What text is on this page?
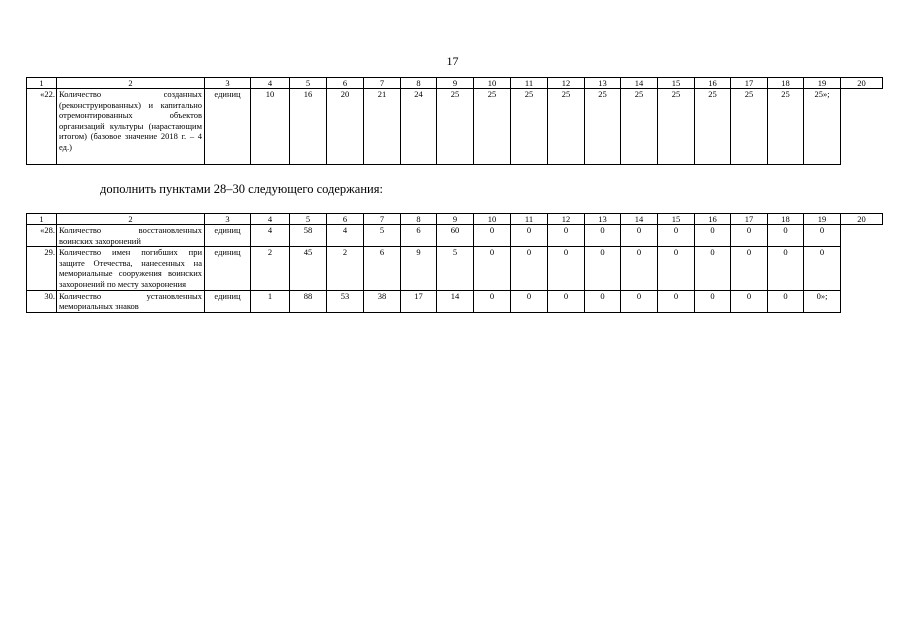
17
1	2	3	4	5	6	7	8	9	10	11	12	13	14	15	16	17	18	19	20
«22.	Количество созданных (реконструированных) и капитально отремонтированных объектов организаций культуры (нарастающим итогом) (базовое значение 2018 г. – 4 ед.)	единиц	10	16	20	21	24	25	25	25	25	25	25	25	25	25	25	25»;	
дополнить пунктами 28–30 следующего содержания:
1	2	3	4	5	6	7	8	9	10	11	12	13	14	15	16	17	18	19	20
«28.	Количество восстановленных воинских захоронений	единиц	4	58	4	5	6	60	0	0	0	0	0	0	0	0	0	0	
29.	Количество имен погибших при защите Отечества, нанесенных на мемориальные сооружения воинских захоронений по месту захоронения	единиц	2	45	2	6	9	5	0	0	0	0	0	0	0	0	0	0	
30.	Количество установленных мемориальных знаков	единиц	1	88	53	38	17	14	0	0	0	0	0	0	0	0	0	0»;	
